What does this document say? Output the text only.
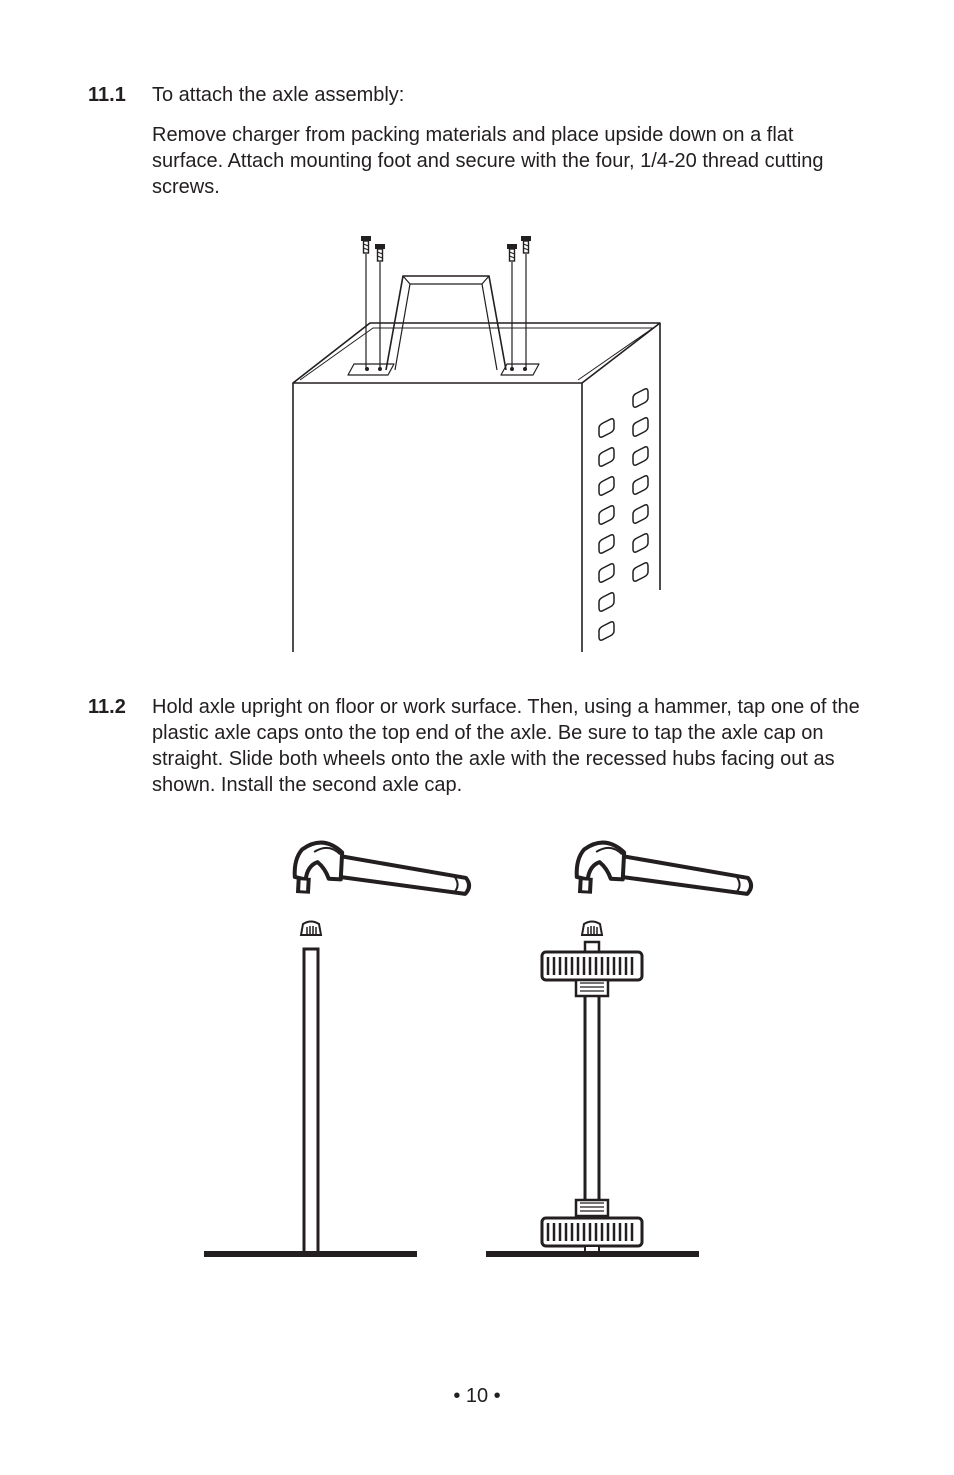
11.1 To attach the axle assembly:

Remove charger from packing materials and place upside down on a flat surface. Attach mounting foot and secure with the four, 1/4-20 thread cutting screws.

11.2 Hold axle upright on floor or work surface. Then, using a hammer, tap one of the plastic axle caps onto the top end of the axle. Be sure to tap the axle cap on straight. Slide both wheels onto the axle with the recessed hubs facing out as shown. Install the second axle cap.

• 10 •
